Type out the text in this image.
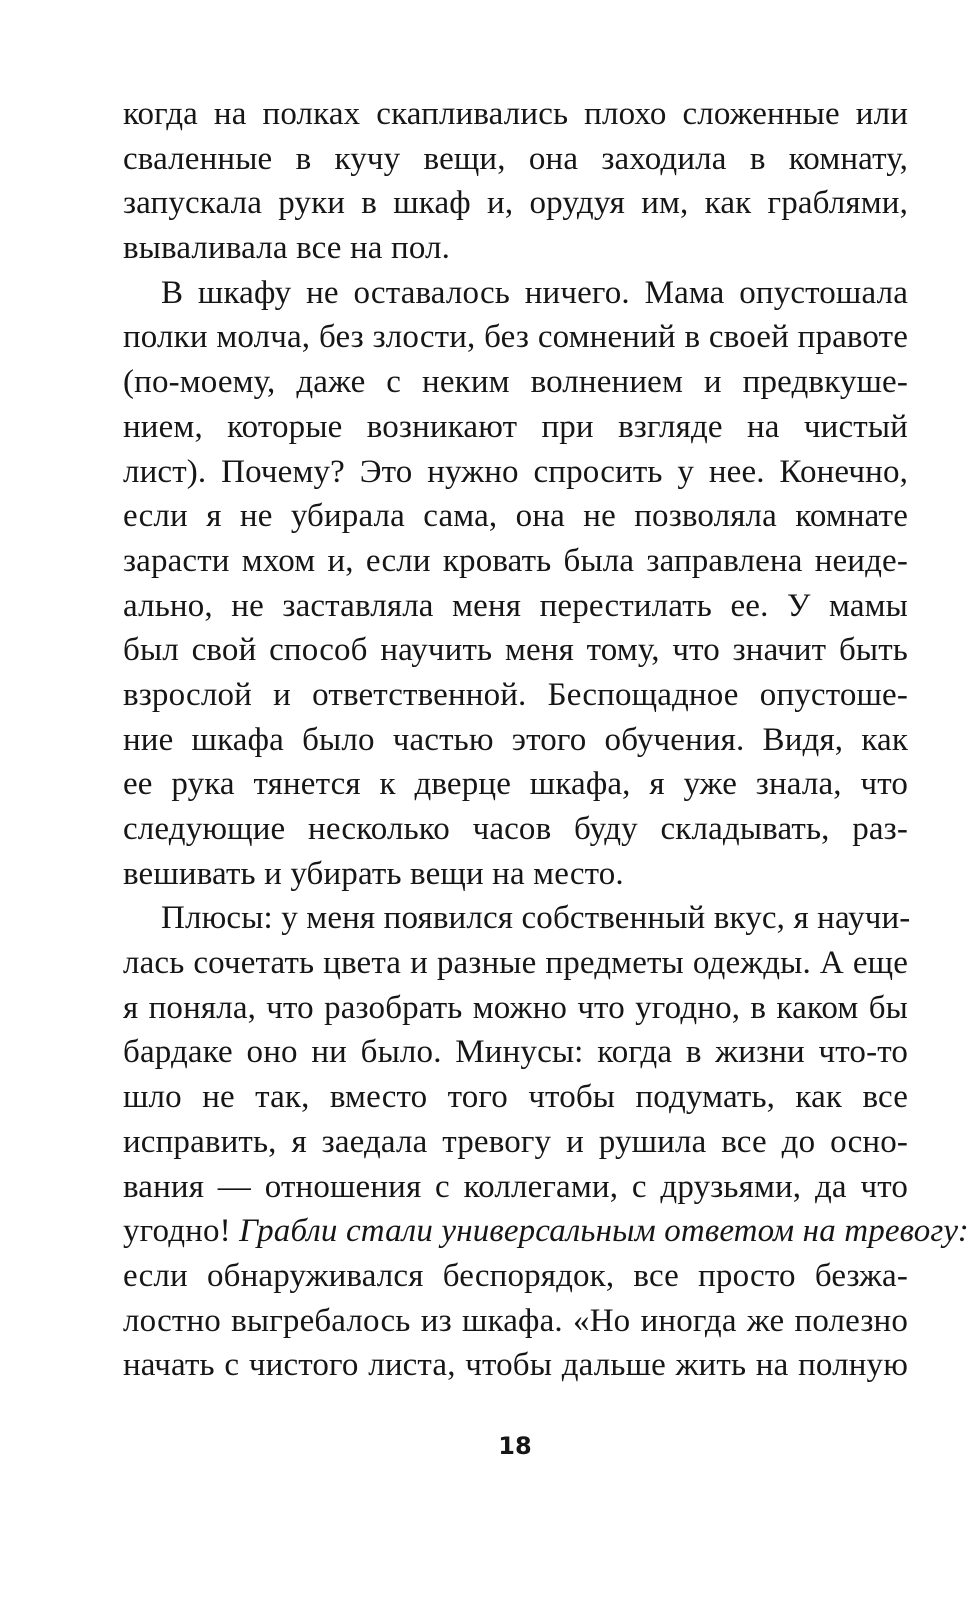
когда на полках скапливались плохо сложенные или
сваленные в кучу вещи, она заходила в комнату,
запускала руки в шкаф и, орудуя им, как граблями,
вываливала все на пол.
В шкафу не оставалось ничего. Мама опустошала
полки молча, без злости, без сомнений в своей правоте
(по-моему, даже с неким волнением и предвкуше-
нием, которые возникают при взгляде на чистый
лист). Почему? Это нужно спросить у нее. Конечно,
если я не убирала сама, она не позволяла комнате
зарасти мхом и, если кровать была заправлена неиде-
ально, не заставляла меня перестилать ее. У мамы
был свой способ научить меня тому, что значит быть
взрослой и ответственной. Беспощадное опустоше-
ние шкафа было частью этого обучения. Видя, как
ее рука тянется к дверце шкафа, я уже знала, что
следующие несколько часов буду складывать, раз-
вешивать и убирать вещи на место.
Плюсы: у меня появился собственный вкус, я научи-
лась сочетать цвета и разные предметы одежды. А еще
я поняла, что разобрать можно что угодно, в каком бы
бардаке оно ни было. Минусы: когда в жизни что-то
шло не так, вместо того чтобы подумать, как все
исправить, я заедала тревогу и рушила все до осно-
вания — отношения с коллегами, с друзьями, да что
угодно! Грабли стали универсальным ответом на тревогу:
если обнаруживался беспорядок, все просто безжа-
лостно выгребалось из шкафа. «Но иногда же полезно
начать с чистого листа, чтобы дальше жить на полную
18
